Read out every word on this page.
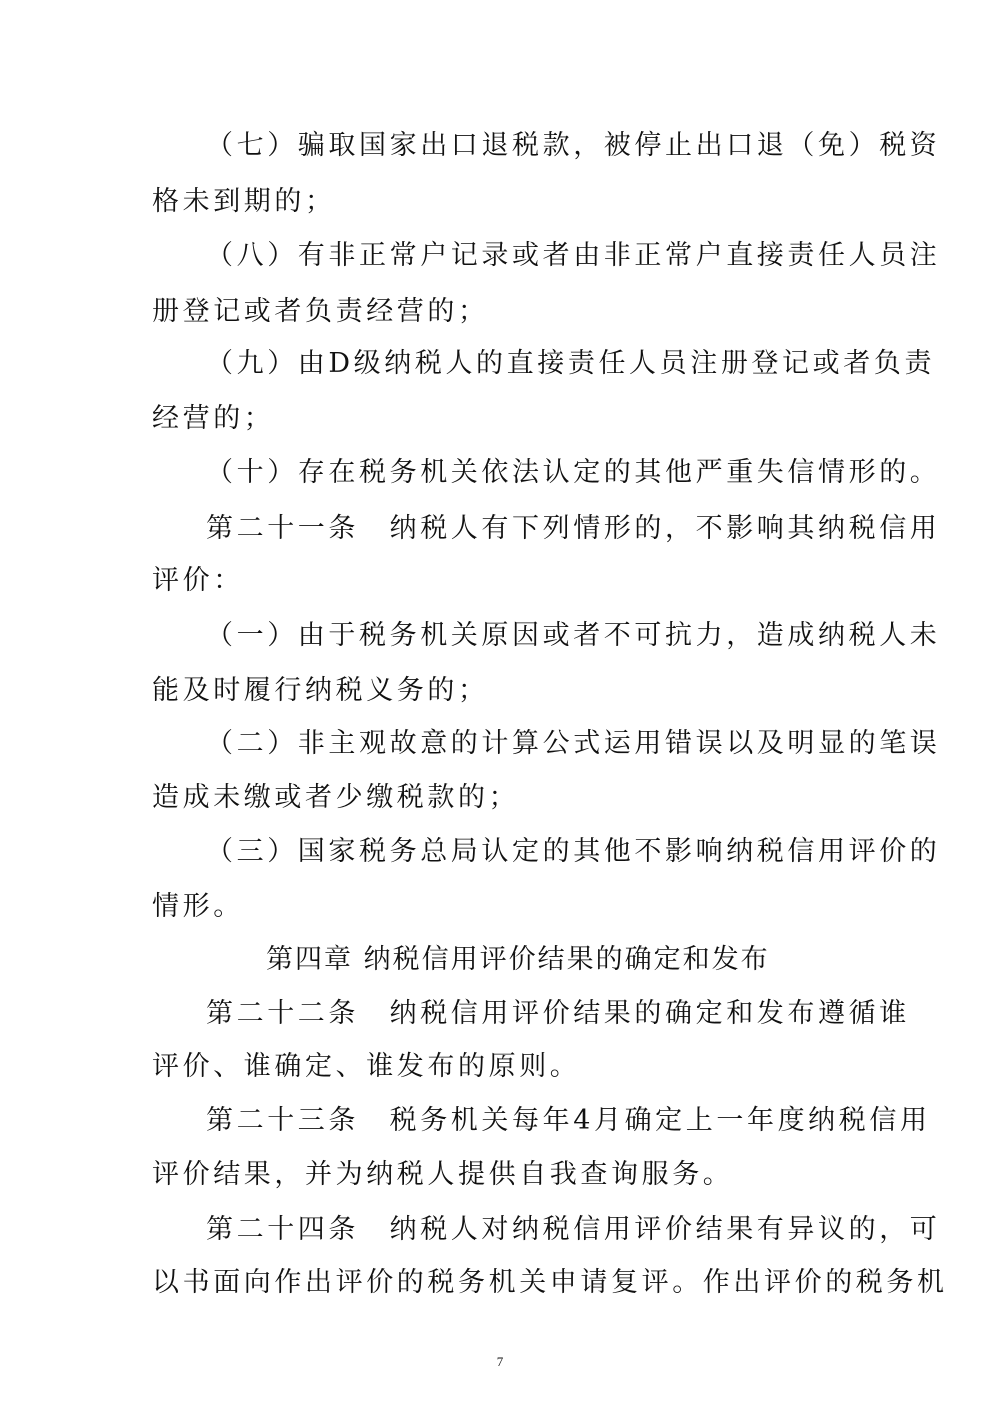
（七）骗取国家出口退税款，被停止出口退（免）税资
格未到期的；
（八）有非正常户记录或者由非正常户直接责任人员注
册登记或者负责经营的；
（九）由D级纳税人的直接责任人员注册登记或者负责
经营的；
（十）存在税务机关依法认定的其他严重失信情形的。
第二十一条　纳税人有下列情形的，不影响其纳税信用
评价：
（一）由于税务机关原因或者不可抗力，造成纳税人未
能及时履行纳税义务的；
（二）非主观故意的计算公式运用错误以及明显的笔误
造成未缴或者少缴税款的；
（三）国家税务总局认定的其他不影响纳税信用评价的
情形。
第四章 纳税信用评价结果的确定和发布
第二十二条　纳税信用评价结果的确定和发布遵循谁
评价、谁确定、谁发布的原则。
第二十三条　税务机关每年4月确定上一年度纳税信用
评价结果，并为纳税人提供自我查询服务。
第二十四条　纳税人对纳税信用评价结果有异议的，可
以书面向作出评价的税务机关申请复评。作出评价的税务机
7
